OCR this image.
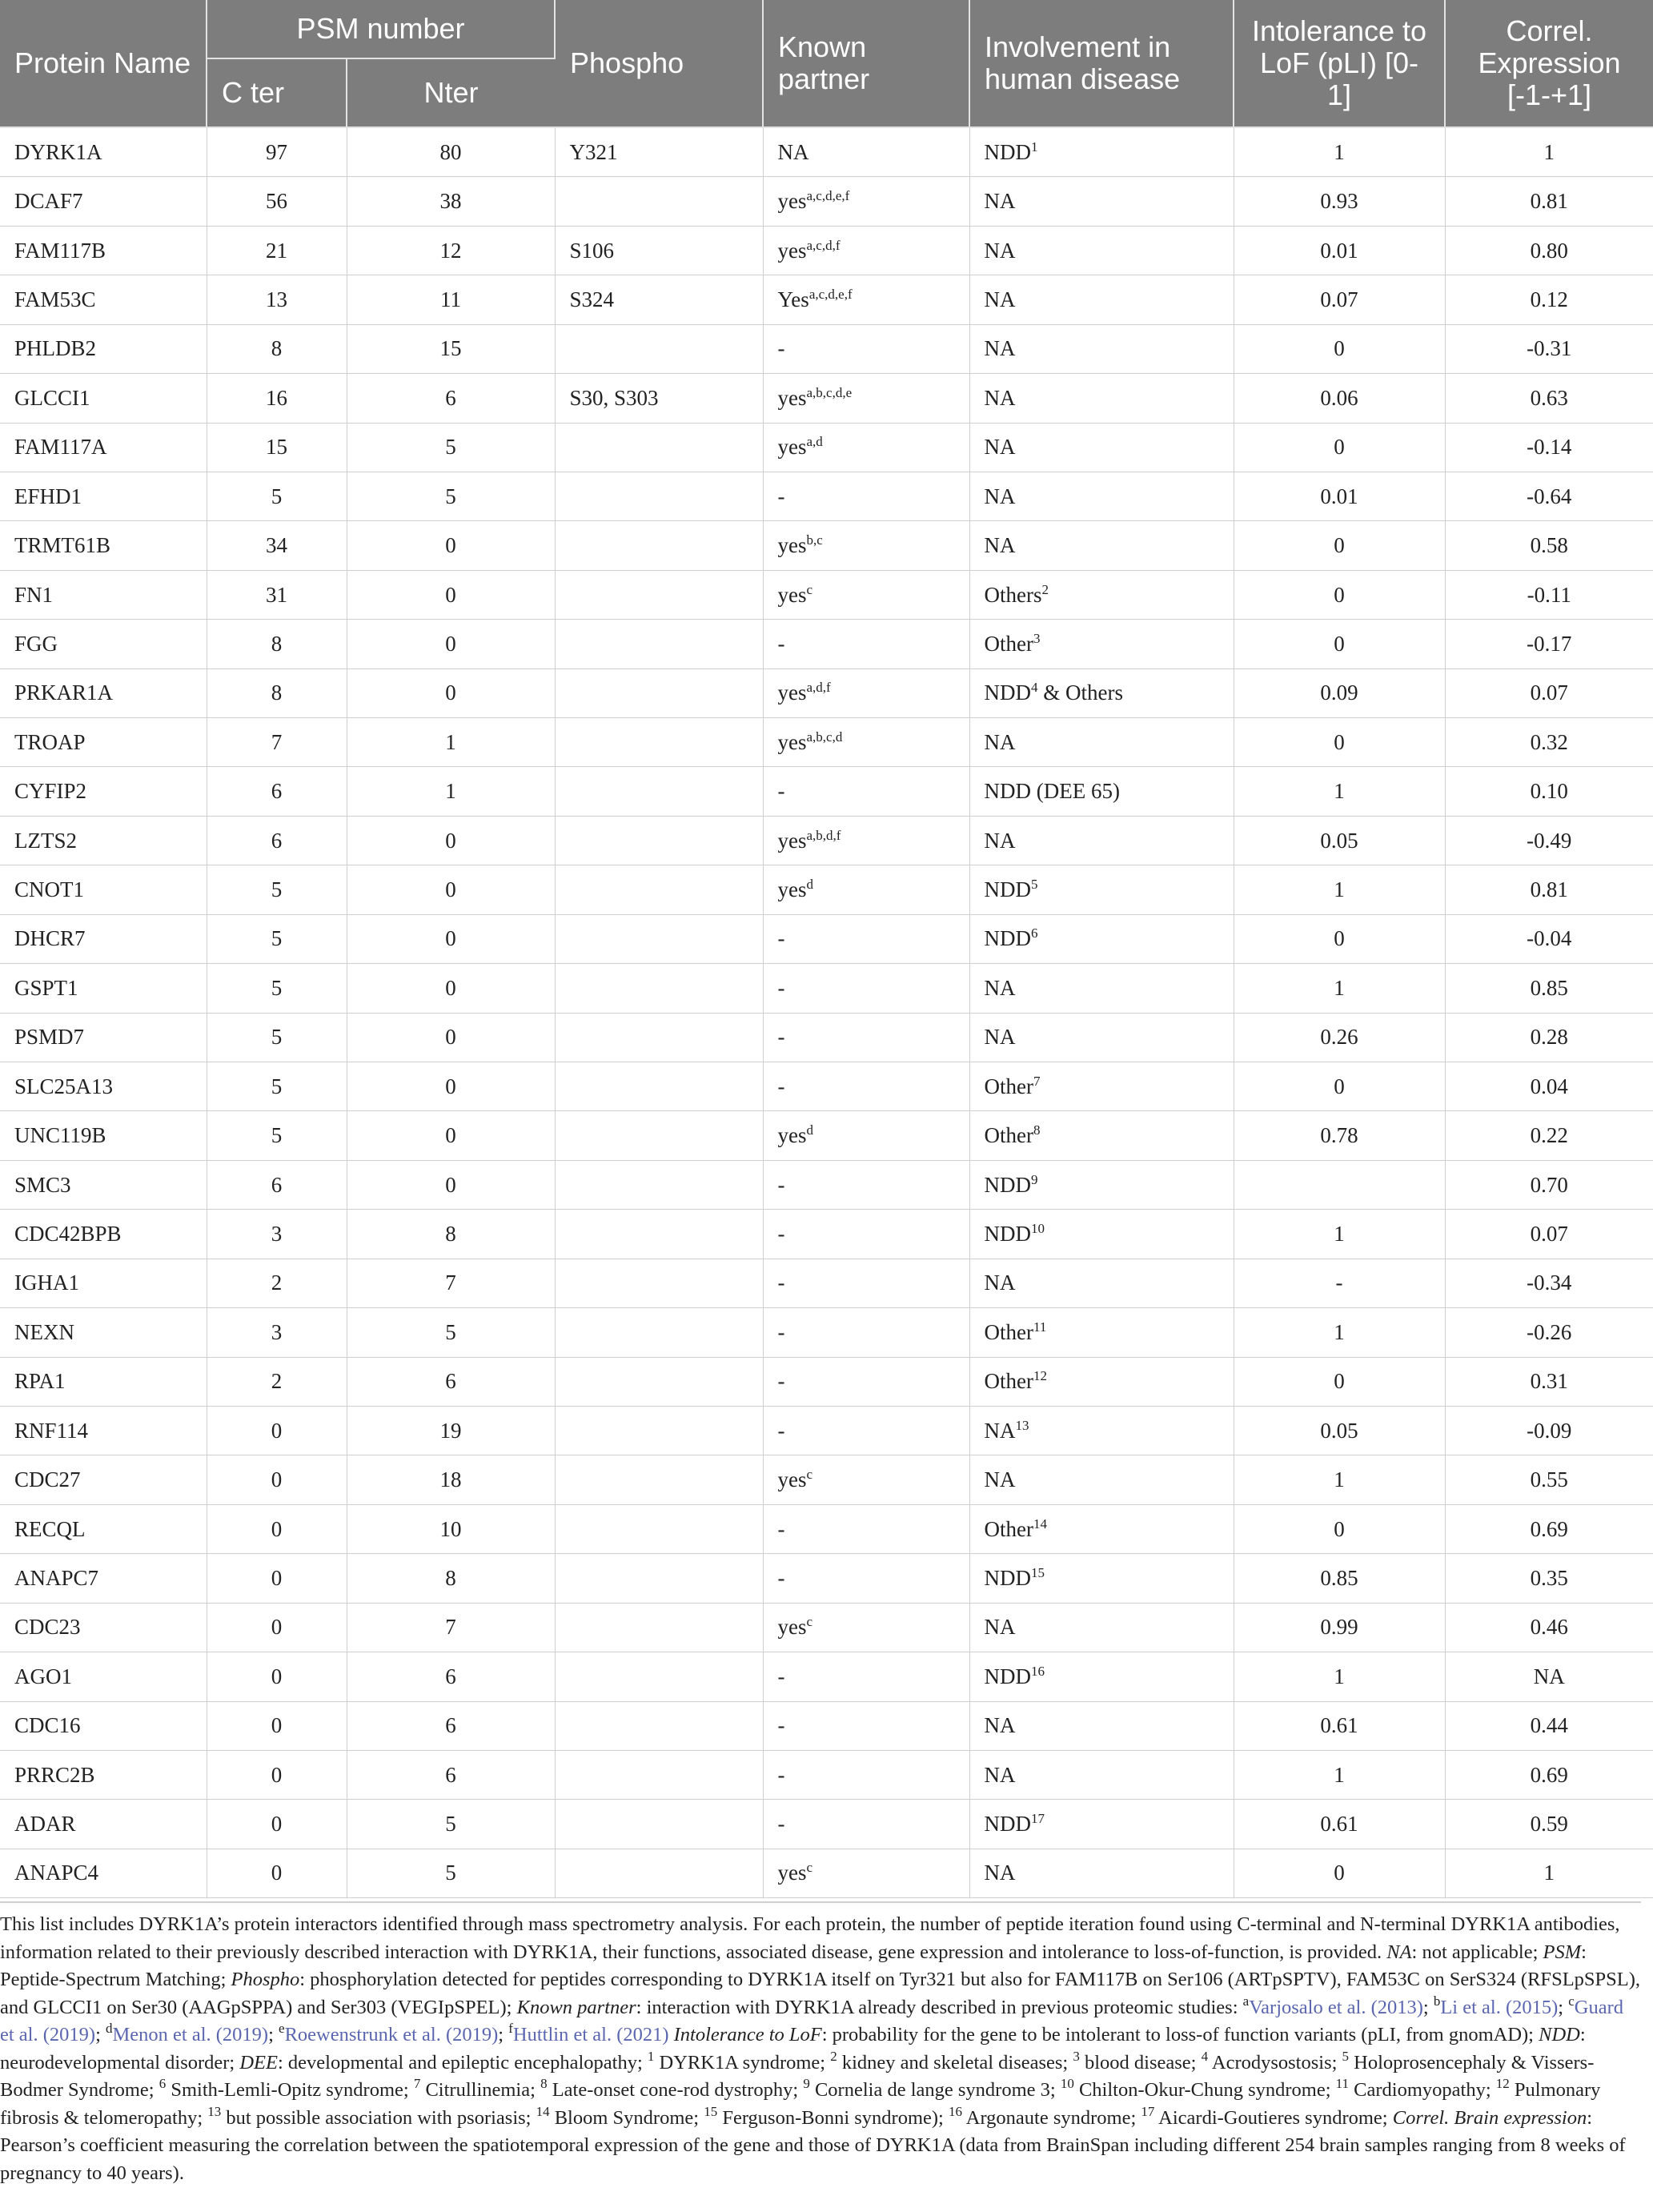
Protein Name	PSM number		Phospho	Known partner	Involvement in human disease	Intolerance to LoF (pLI) [0-1]	Correl. Expression [-1-+1]
	C ter	Nter					
DYRK1A	97	80	Y321	NA	NDD$^1$	1	1
DCAF7	56	38		yes$^{a,c,d,e,f}$	NA	0.93	0.81
FAM117B	21	12	S106	yes$^{a,c,d,f}$	NA	0.01	0.80
FAM53C	13	11	S324	Yes$^{a,c,d,e,f}$	NA	0.07	0.12
PHLDB2	8	15		-	NA	0	-0.31
GLCCI1	16	6	S30, S303	yes$^{a,b,c,d,e}$	NA	0.06	0.63
FAM117A	15	5		yes$^{a,d}$	NA	0	-0.14
EFHD1	5	5		-	NA	0.01	-0.64
TRMT61B	34	0		yes$^{b,c}$	NA	0	0.58
FN1	31	0		yes$^c$	Others$^2$	0	-0.11
FGG	8	0		-	Other$^3$	0	-0.17
PRKAR1A	8	0		yes$^{a,d,f}$	NDD$^4$ & Others	0.09	0.07
TROAP	7	1		yes$^{a,b,c,d}$	NA	0	0.32
CYFIP2	6	1		-	NDD (DEE 65)	1	0.10
LZTS2	6	0		yes$^{a,b,d,f}$	NA	0.05	-0.49
CNOT1	5	0		yes$^d$	NDD$^5$	1	0.81
DHCR7	5	0		-	NDD$^6$	0	-0.04
GSPT1	5	0		-	NA	1	0.85
PSMD7	5	0		-	NA	0.26	0.28
SLC25A13	5	0		-	Other$^7$	0	0.04
UNC119B	5	0		yes$^d$	Other$^8$	0.78	0.22
SMC3	6	0		-	NDD$^9$		0.70
CDC42BPB	3	8		-	NDD$^{10}$	1	0.07
IGHA1	2	7		-	NA	-	-0.34
NEXN	3	5		-	Other$^{11}$	1	-0.26
RPA1	2	6		-	Other$^{12}$	0	0.31
RNF114	0	19		-	NA$^{13}$	0.05	-0.09
CDC27	0	18		yes$^c$	NA	1	0.55
RECQL	0	10		-	Other$^{14}$	0	0.69
ANAPC7	0	8		-	NDD$^{15}$	0.85	0.35
CDC23	0	7		yes$^c$	NA	0.99	0.46
AGO1	0	6		-	NDD$^{16}$	1	NA
CDC16	0	6		-	NA	0.61	0.44
PRRC2B	0	6		-	NA	1	0.69
ADAR	0	5		-	NDD$^{17}$	0.61	0.59
ANAPC4	0	5		yes$^c$	NA	0	1
This list includes DYRK1A’s protein interactors identified through mass spectrometry analysis. For each protein, the number of peptide iteration found using C-terminal and N-terminal DYRK1A antibodies, information related to their previously described interaction with DYRK1A, their functions, associated disease, gene expression and intolerance to loss-of-function, is provided. NA: not applicable; PSM: Peptide-Spectrum Matching; Phospho: phosphorylation detected for peptides corresponding to DYRK1A itself on Tyr321 but also for FAM117B on Ser106 (ARTpSPTV), FAM53C on SerS324 (RFSLpSPSL), and GLCCI1 on Ser30 (AAGpSPPA) and Ser303 (VEGIpSPEL); Known partner: interaction with DYRK1A already described in previous proteomic studies: $^a$Varjosalo et al. (2013); $^b$Li et al. (2015); $^c$Guard et al. (2019); $^d$Menon et al. (2019); $^e$Roewenstrunk et al. (2019); $^f$Huttlin et al. (2021) Intolerance to LoF: probability for the gene to be intolerant to loss-of function variants (pLI, from gnomAD); NDD: neurodevelopmental disorder; DEE: developmental and epileptic encephalopathy; $^1$ DYRK1A syndrome; $^2$ kidney and skeletal diseases; $^3$ blood disease; $^4$ Acrodysostosis; $^5$ Holoprosencephaly & Vissers-Bodmer Syndrome; $^6$ Smith-Lemli-Opitz syndrome; $^7$ Citrullinemia; $^8$ Late-onset cone-rod dystrophy; $^9$ Cornelia de lange syndrome 3; $^{10}$ Chilton-Okur-Chung syndrome; $^{11}$ Cardiomyopathy; $^{12}$ Pulmonary fibrosis & telomeropathy; $^{13}$ but possible association with psoriasis; $^{14}$ Bloom Syndrome; $^{15}$ Ferguson-Bonni syndrome); $^{16}$ Argonaute syndrome; $^{17}$ Aicardi-Goutieres syndrome; Correl. Brain expression: Pearson’s coefficient measuring the correlation between the spatiotemporal expression of the gene and those of DYRK1A (data from BrainSpan including different 254 brain samples ranging from 8 weeks of pregnancy to 40 years).
